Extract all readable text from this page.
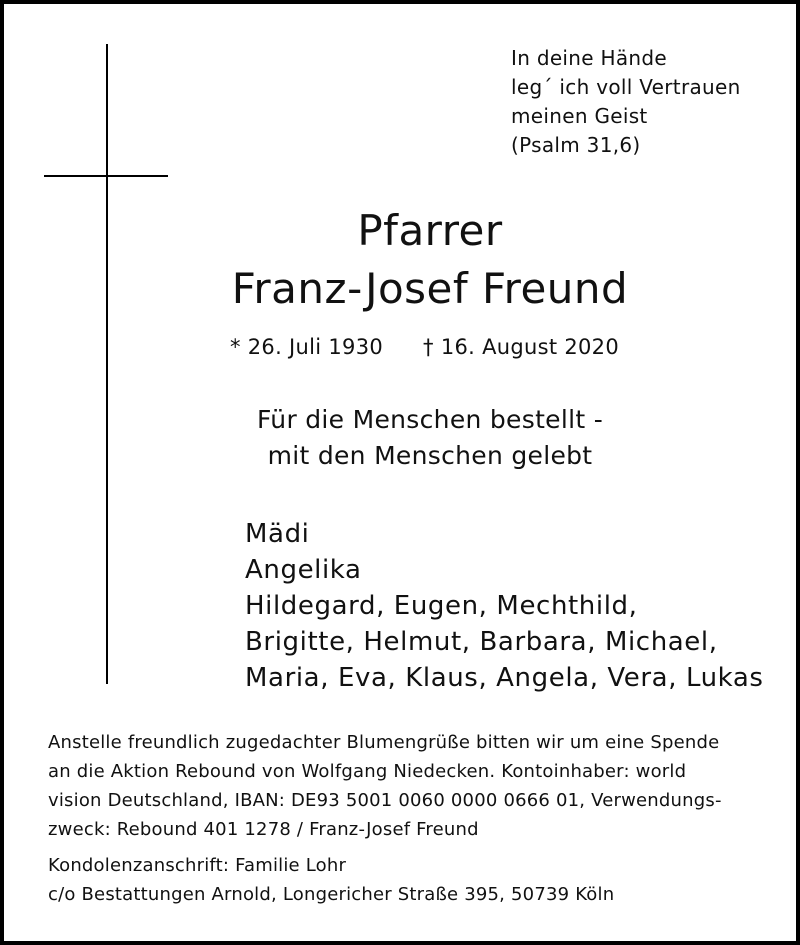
In deine Hände
leg´ ich voll Vertrauen
meinen Geist
(Psalm 31,6)
Pfarrer
Franz-Josef Freund
* 26. Juli 1930 † 16. August 2020
Für die Menschen bestellt -
mit den Menschen gelebt
Mädi
Angelika
Hildegard, Eugen, Mechthild,
Brigitte, Helmut, Barbara, Michael,
Maria, Eva, Klaus, Angela, Vera, Lukas
Anstelle freundlich zugedachter Blumengrüße bitten wir um eine Spende
an die Aktion Rebound von Wolfgang Niedecken. Kontoinhaber: world
vision Deutschland, IBAN: DE93 5001 0060 0000 0666 01, Verwendungs-
zweck: Rebound 401 1278 / Franz-Josef Freund
Kondolenzanschrift: Familie Lohr
c/o Bestattungen Arnold, Longericher Straße 395, 50739 Köln
